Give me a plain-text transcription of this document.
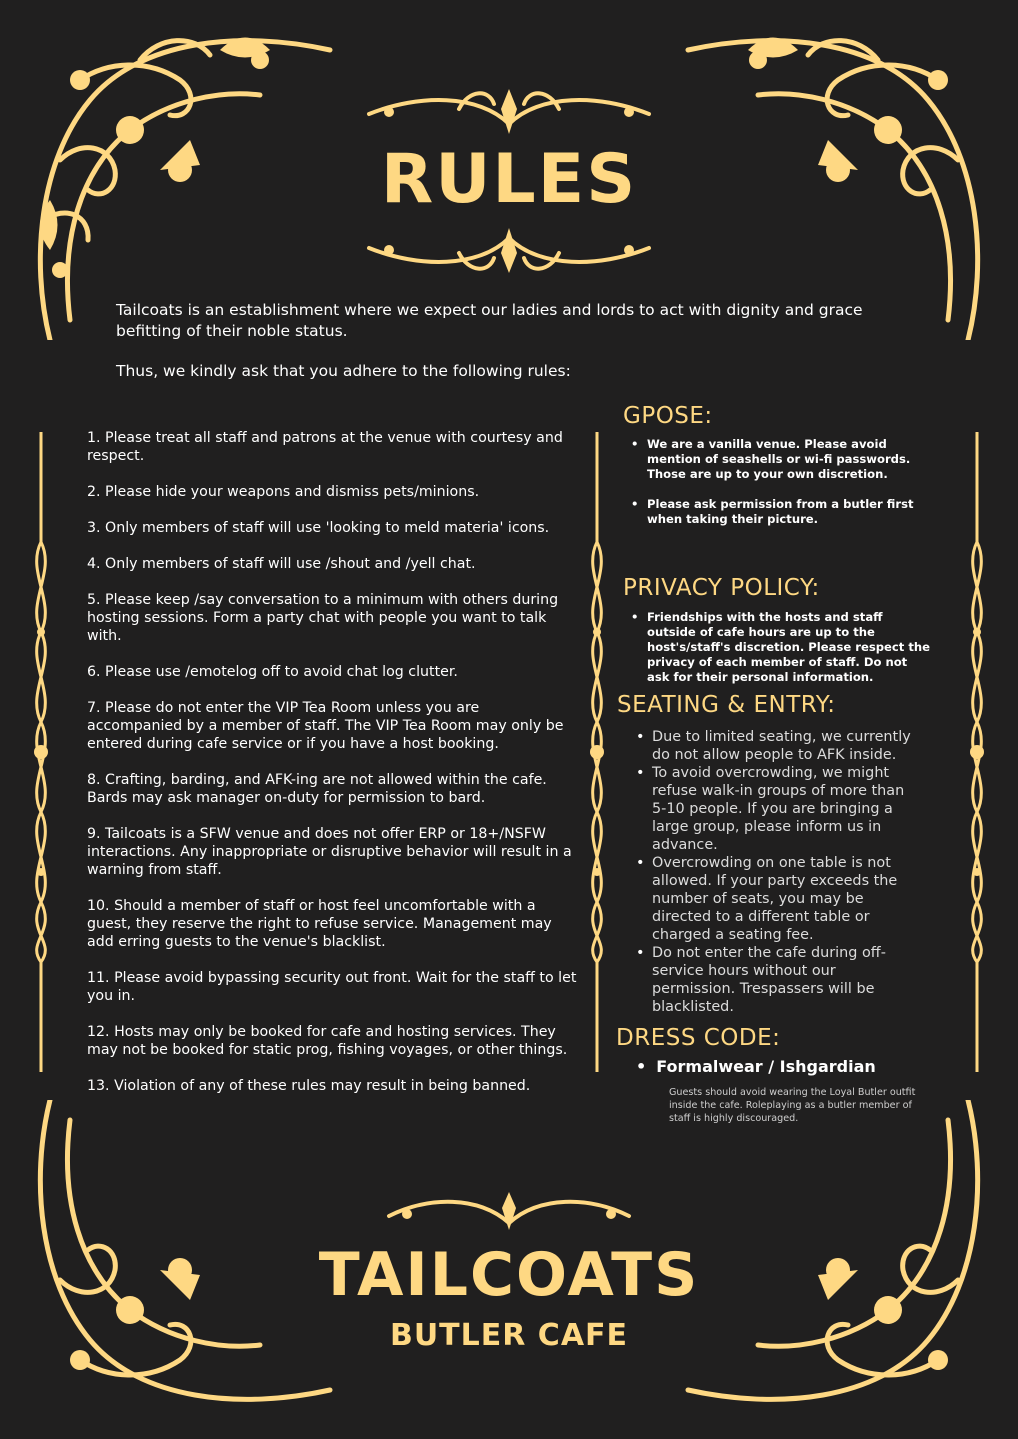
RULES

Tailcoats is an establishment where we expect our ladies and lords to act with dignity and grace befitting of their noble status.

Thus, we kindly ask that you adhere to the following rules:

1. Please treat all staff and patrons at the venue with courtesy and respect.

2. Please hide your weapons and dismiss pets/minions.

3. Only members of staff will use 'looking to meld materia' icons.

4. Only members of staff will use /shout and /yell chat.

5. Please keep /say conversation to a minimum with others during hosting sessions. Form a party chat with people you want to talk with.

6. Please use /emotelog off to avoid chat log clutter.

7. Please do not enter the VIP Tea Room unless you are accompanied by a member of staff. The VIP Tea Room may only be entered during cafe service or if you have a host booking.

8. Crafting, barding, and AFK-ing are not allowed within the cafe. Bards may ask manager on-duty for permission to bard.

9. Tailcoats is a SFW venue and does not offer ERP or 18+/NSFW interactions. Any inappropriate or disruptive behavior will result in a warning from staff.

10. Should a member of staff or host feel uncomfortable with a guest, they reserve the right to refuse service. Management may add erring guests to the venue's blacklist.

11. Please avoid bypassing security out front. Wait for the staff to let you in.

12. Hosts may only be booked for cafe and hosting services. They may not be booked for static prog, fishing voyages, or other things.

13. Violation of any of these rules may result in being banned.

GPOSE:
• We are a vanilla venue. Please avoid mention of seashells or wi-fi passwords. Those are up to your own discretion.
• Please ask permission from a butler first when taking their picture.
PRIVACY POLICY:
• Friendships with the hosts and staff outside of cafe hours are up to the host's/staff's discretion. Please respect the privacy of each member of staff. Do not ask for their personal information.
SEATING & ENTRY:
• Due to limited seating, we currently do not allow people to AFK inside.
• To avoid overcrowding, we might refuse walk-in groups of more than 5-10 people. If you are bringing a large group, please inform us in advance.
• Overcrowding on one table is not allowed. If your party exceeds the number of seats, you may be directed to a different table or charged a seating fee.
• Do not enter the cafe during off-service hours without our permission. Trespassers will be blacklisted.
DRESS CODE:
• Formalwear / Ishgardian
Guests should avoid wearing the Loyal Butler outfit inside the cafe. Roleplaying as a butler member of staff is highly discouraged.
TAILCOATS
BUTLER CAFE
